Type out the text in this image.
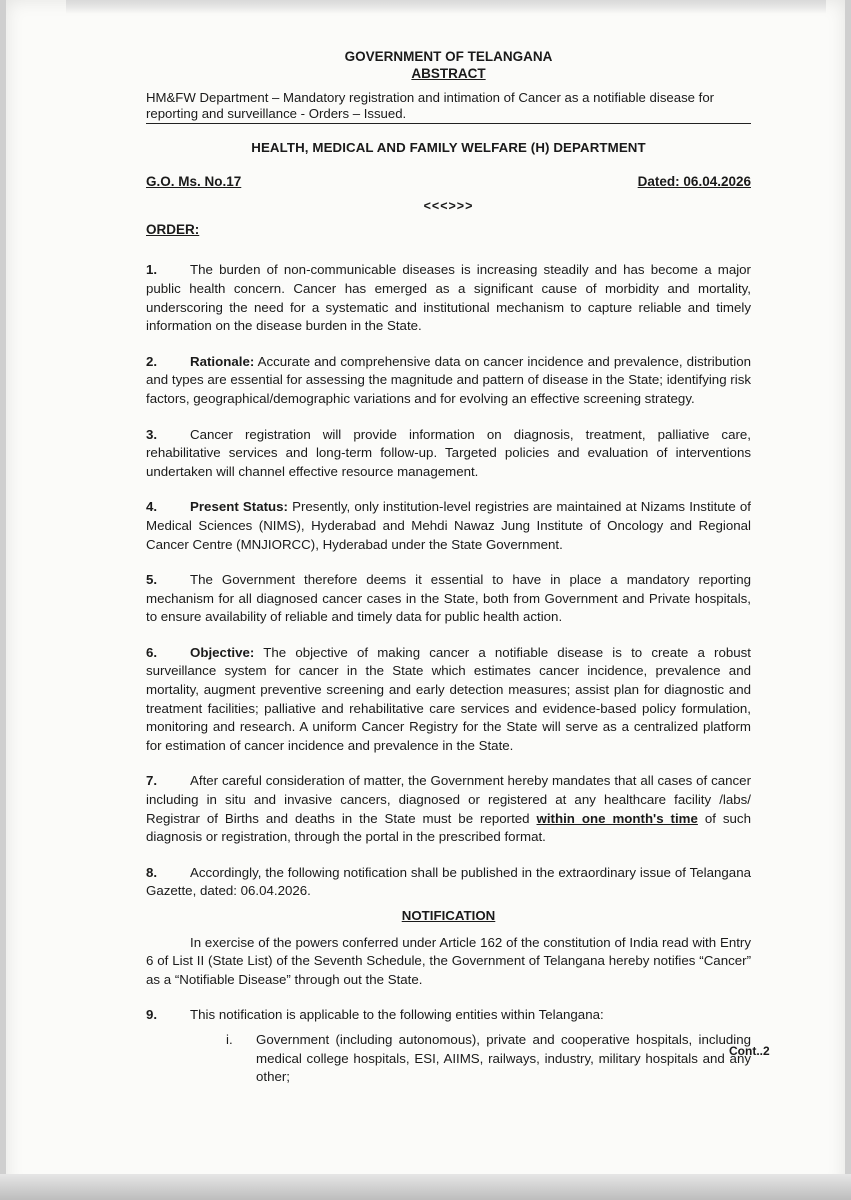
GOVERNMENT OF TELANGANA
ABSTRACT
HM&FW Department – Mandatory registration and intimation of Cancer as a notifiable disease for reporting and surveillance - Orders – Issued.
HEALTH, MEDICAL AND FAMILY WELFARE (H) DEPARTMENT
G.O. Ms. No.17	Dated: 06.04.2026
<<<>>>
ORDER:

1. The burden of non-communicable diseases is increasing steadily and has become a major public health concern. Cancer has emerged as a significant cause of morbidity and mortality, underscoring the need for a systematic and institutional mechanism to capture reliable and timely information on the disease burden in the State.

2. Rationale: Accurate and comprehensive data on cancer incidence and prevalence, distribution and types are essential for assessing the magnitude and pattern of disease in the State; identifying risk factors, geographical/demographic variations and for evolving an effective screening strategy.

3. Cancer registration will provide information on diagnosis, treatment, palliative care, rehabilitative services and long-term follow-up. Targeted policies and evaluation of interventions undertaken will channel effective resource management.

4. Present Status: Presently, only institution-level registries are maintained at Nizams Institute of Medical Sciences (NIMS), Hyderabad and Mehdi Nawaz Jung Institute of Oncology and Regional Cancer Centre (MNJIORCC), Hyderabad under the State Government.

5. The Government therefore deems it essential to have in place a mandatory reporting mechanism for all diagnosed cancer cases in the State, both from Government and Private hospitals, to ensure availability of reliable and timely data for public health action.

6. Objective: The objective of making cancer a notifiable disease is to create a robust surveillance system for cancer in the State which estimates cancer incidence, prevalence and mortality, augment preventive screening and early detection measures; assist plan for diagnostic and treatment facilities; palliative and rehabilitative care services and evidence-based policy formulation, monitoring and research. A uniform Cancer Registry for the State will serve as a centralized platform for estimation of cancer incidence and prevalence in the State.

7. After careful consideration of matter, the Government hereby mandates that all cases of cancer including in situ and invasive cancers, diagnosed or registered at any healthcare facility /labs/ Registrar of Births and deaths in the State must be reported within one month's time of such diagnosis or registration, through the portal in the prescribed format.

8. Accordingly, the following notification shall be published in the extraordinary issue of Telangana Gazette, dated: 06.04.2026.

NOTIFICATION

In exercise of the powers conferred under Article 162 of the constitution of India read with Entry 6 of List II (State List) of the Seventh Schedule, the Government of Telangana hereby notifies “Cancer” as a “Notifiable Disease” through out the State.

9.	This notification is applicable to the following entities within Telangana:
i.	Government (including autonomous), private and cooperative hospitals, including medical college hospitals, ESI, AIIMS, railways, industry, military hospitals and any other;

Cont..2
